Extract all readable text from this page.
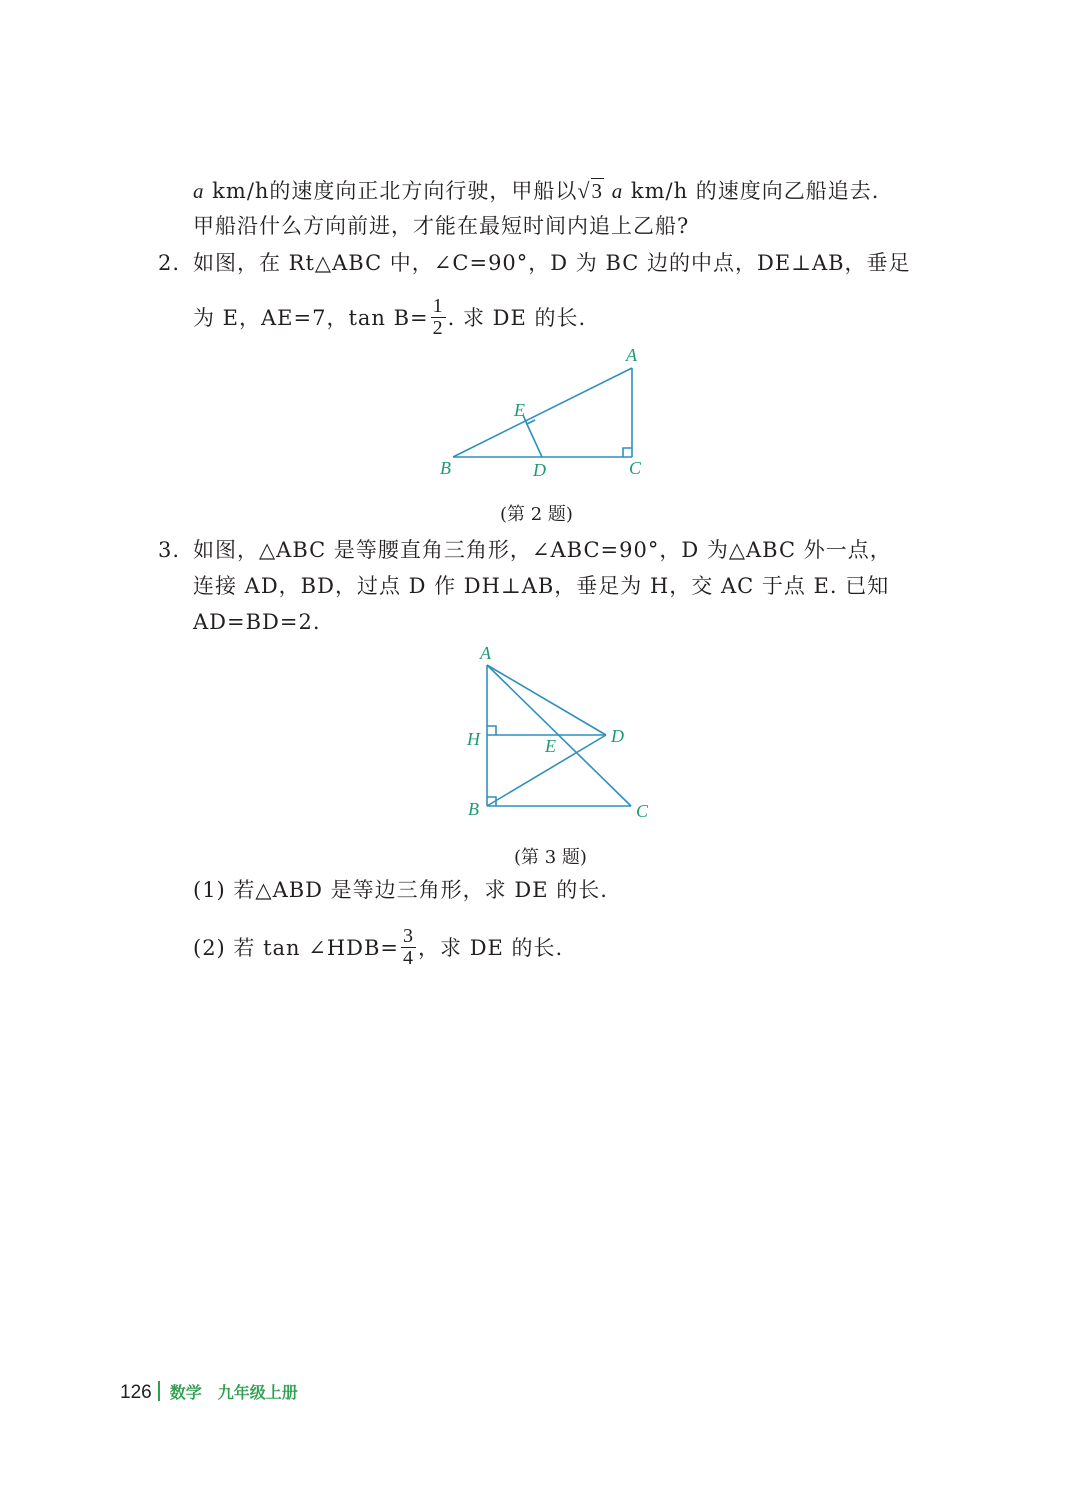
a km/h的速度向正北方向行驶，甲船以√3 a km/h 的速度向乙船追去.
甲船沿什么方向前进，才能在最短时间内追上乙船?
2. 如图，在 Rt△ABC 中，∠C=90°，D 为 BC 边的中点，DE⊥AB，垂足
为 E，AE=7，$\tan B= \frac{1}{2}$ . 求 DE 的长.
A
E
B	D	C
A
H	E	D
B	C
(第 2 题)
3. 如图，△ABC 是等腰直角三角形，∠ABC=90°，D 为△ABC 外一点，
连接 AD，BD，过点 D 作 DH⊥AB，垂足为 H，交 AC 于点 E. 已知
AD=BD=2.
(第 3 题)
(1) 若△ABD 是等边三角形，求 DE 的长.
(2) 若 tan ∠HDB= $\frac{3}{4}$ ，求 DE 的长.
126 数学　九年级上册
